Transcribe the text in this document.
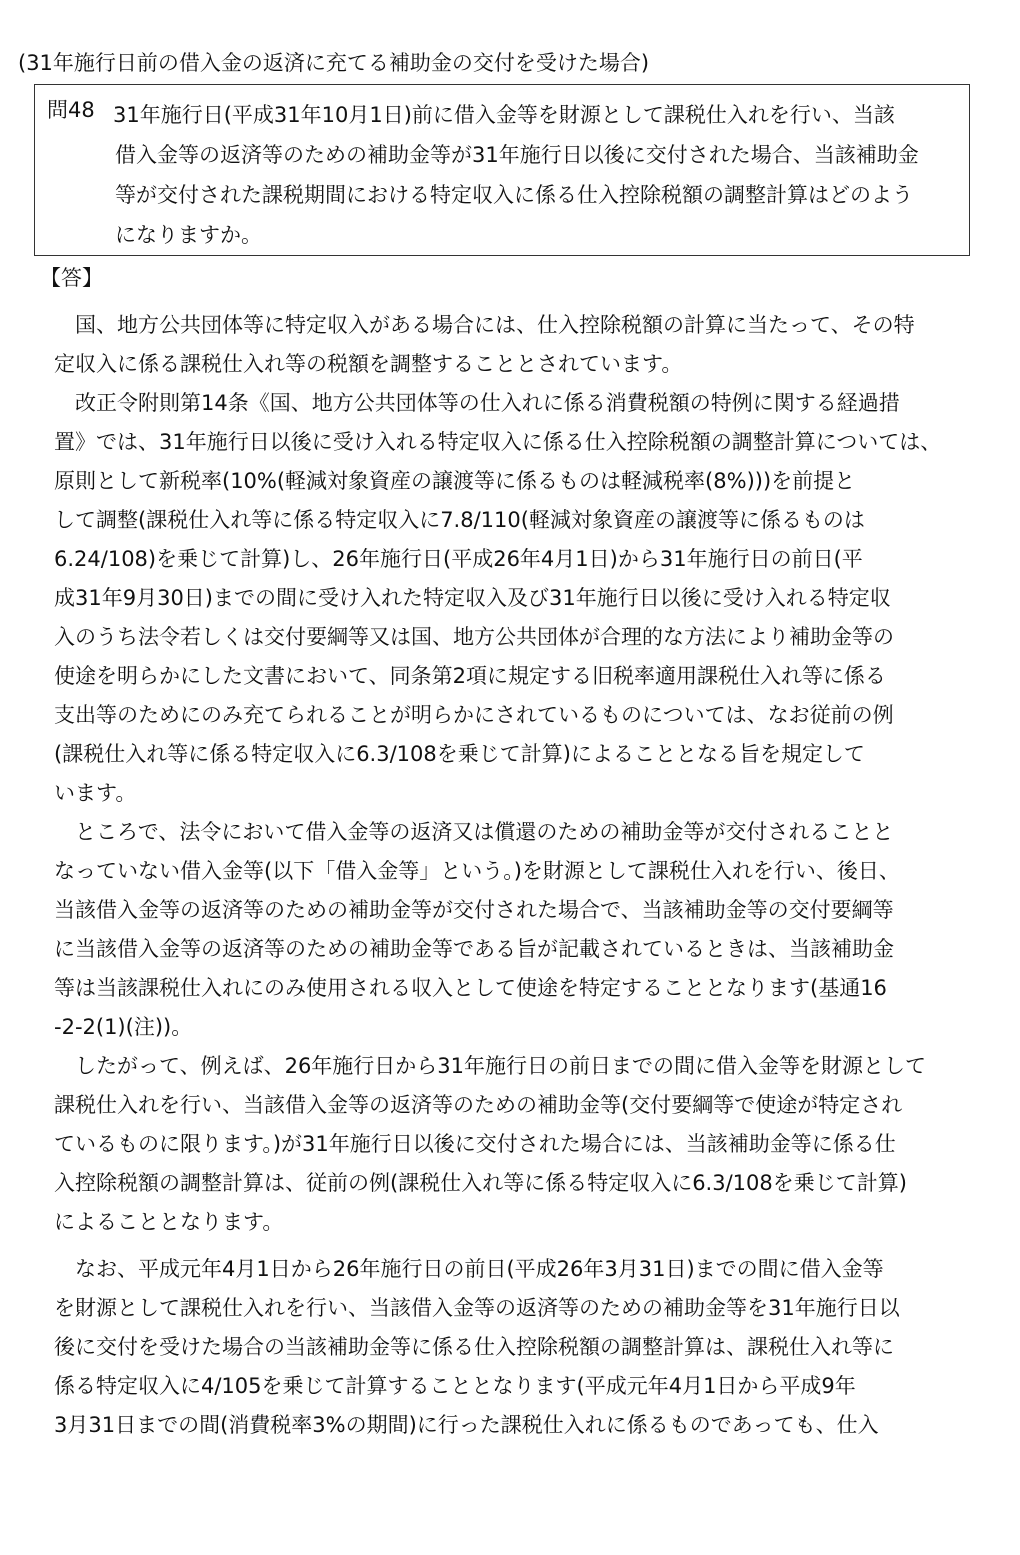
(31年施行日前の借入金の返済に充てる補助金の交付を受けた場合)
問48 31年施行日(平成31年10月1日)前に借入金等を財源として課税仕入れを行い、当該
借入金等の返済等のための補助金等が31年施行日以後に交付された場合、当該補助金
等が交付された課税期間における特定収入に係る仕入控除税額の調整計算はどのよう
になりますか。
【答】
国、地方公共団体等に特定収入がある場合には、仕入控除税額の計算に当たって、その特
定収入に係る課税仕入れ等の税額を調整することとされています。
改正令附則第14条《国、地方公共団体等の仕入れに係る消費税額の特例に関する経過措
置》では、31年施行日以後に受け入れる特定収入に係る仕入控除税額の調整計算については、
原則として新税率(10%(軽減対象資産の譲渡等に係るものは軽減税率(8%)))を前提と
して調整(課税仕入れ等に係る特定収入に7.8/110(軽減対象資産の譲渡等に係るものは
6.24/108)を乗じて計算)し、26年施行日(平成26年4月1日)から31年施行日の前日(平
成31年9月30日)までの間に受け入れた特定収入及び31年施行日以後に受け入れる特定収
入のうち法令若しくは交付要綱等又は国、地方公共団体が合理的な方法により補助金等の
使途を明らかにした文書において、同条第2項に規定する旧税率適用課税仕入れ等に係る
支出等のためにのみ充てられることが明らかにされているものについては、なお従前の例
(課税仕入れ等に係る特定収入に6.3/108を乗じて計算)によることとなる旨を規定して
います。
ところで、法令において借入金等の返済又は償還のための補助金等が交付されることと
なっていない借入金等(以下「借入金等」という。)を財源として課税仕入れを行い、後日、
当該借入金等の返済等のための補助金等が交付された場合で、当該補助金等の交付要綱等
に当該借入金等の返済等のための補助金等である旨が記載されているときは、当該補助金
等は当該課税仕入れにのみ使用される収入として使途を特定することとなります(基通16
-2-2(1)(注))。
したがって、例えば、26年施行日から31年施行日の前日までの間に借入金等を財源として
課税仕入れを行い、当該借入金等の返済等のための補助金等(交付要綱等で使途が特定され
ているものに限ります。)が31年施行日以後に交付された場合には、当該補助金等に係る仕
入控除税額の調整計算は、従前の例(課税仕入れ等に係る特定収入に6.3/108を乗じて計算)
によることとなります。
なお、平成元年4月1日から26年施行日の前日(平成26年3月31日)までの間に借入金等
を財源として課税仕入れを行い、当該借入金等の返済等のための補助金等を31年施行日以
後に交付を受けた場合の当該補助金等に係る仕入控除税額の調整計算は、課税仕入れ等に
係る特定収入に4/105を乗じて計算することとなります(平成元年4月1日から平成9年
3月31日までの間(消費税率3%の期間)に行った課税仕入れに係るものであっても、仕入
